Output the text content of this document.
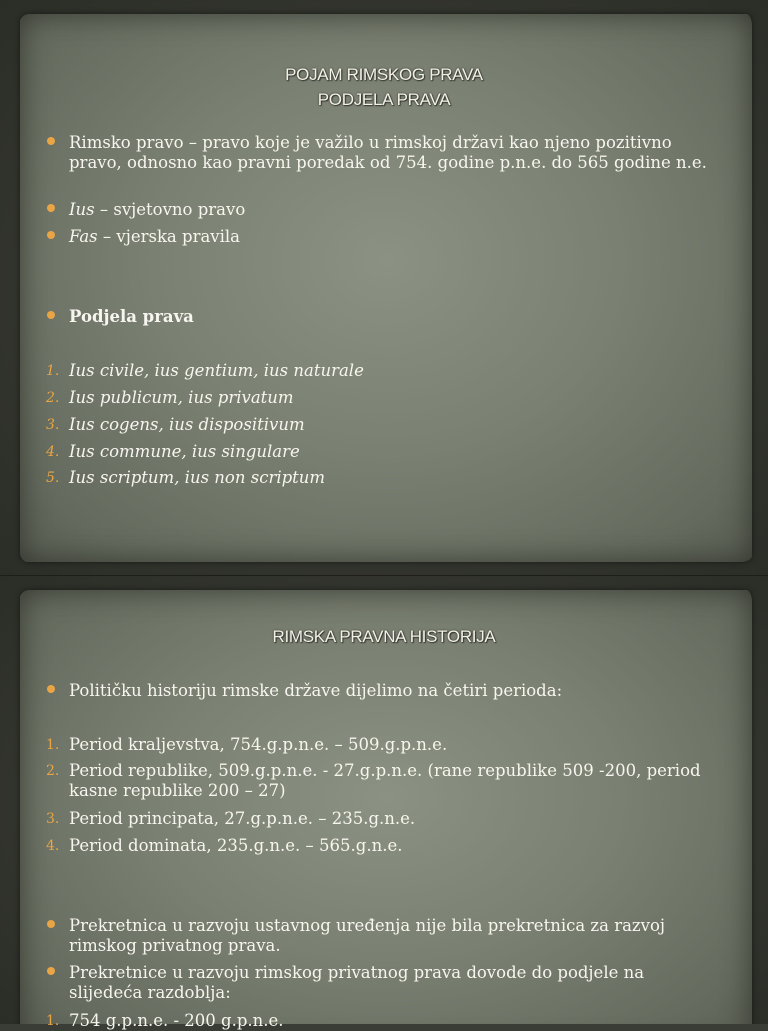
POJAM RIMSKOG PRAVA
PODJELA PRAVA
Rimsko pravo – pravo koje je važilo u rimskoj državi kao njeno pozitivno pravo, odnosno kao pravni poredak od 754. godine p.n.e. do 565 godine n.e.
Ius – svjetovno pravo
Fas – vjerska pravila
Podjela prava
1. Ius civile, ius gentium, ius naturale
2. Ius publicum, ius privatum
3. Ius cogens, ius dispositivum
4. Ius commune, ius singulare
5. Ius scriptum, ius non scriptum
RIMSKA PRAVNA HISTORIJA
Političku historiju rimske države dijelimo na četiri perioda:
1. Period kraljevstva, 754.g.p.n.e. – 509.g.p.n.e.
2. Period republike, 509.g.p.n.e. - 27.g.p.n.e. (rane republike 509 -200, period kasne republike 200 – 27)
3. Period principata, 27.g.p.n.e. – 235.g.n.e.
4. Period dominata, 235.g.n.e. – 565.g.n.e.
Prekretnica u razvoju ustavnog uređenja nije bila prekretnica za razvoj rimskog privatnog prava.
Prekretnice u razvoju rimskog privatnog prava dovode do podjele na slijedeća razdoblja:
1. 754 g.p.n.e. - 200 g.p.n.e.
